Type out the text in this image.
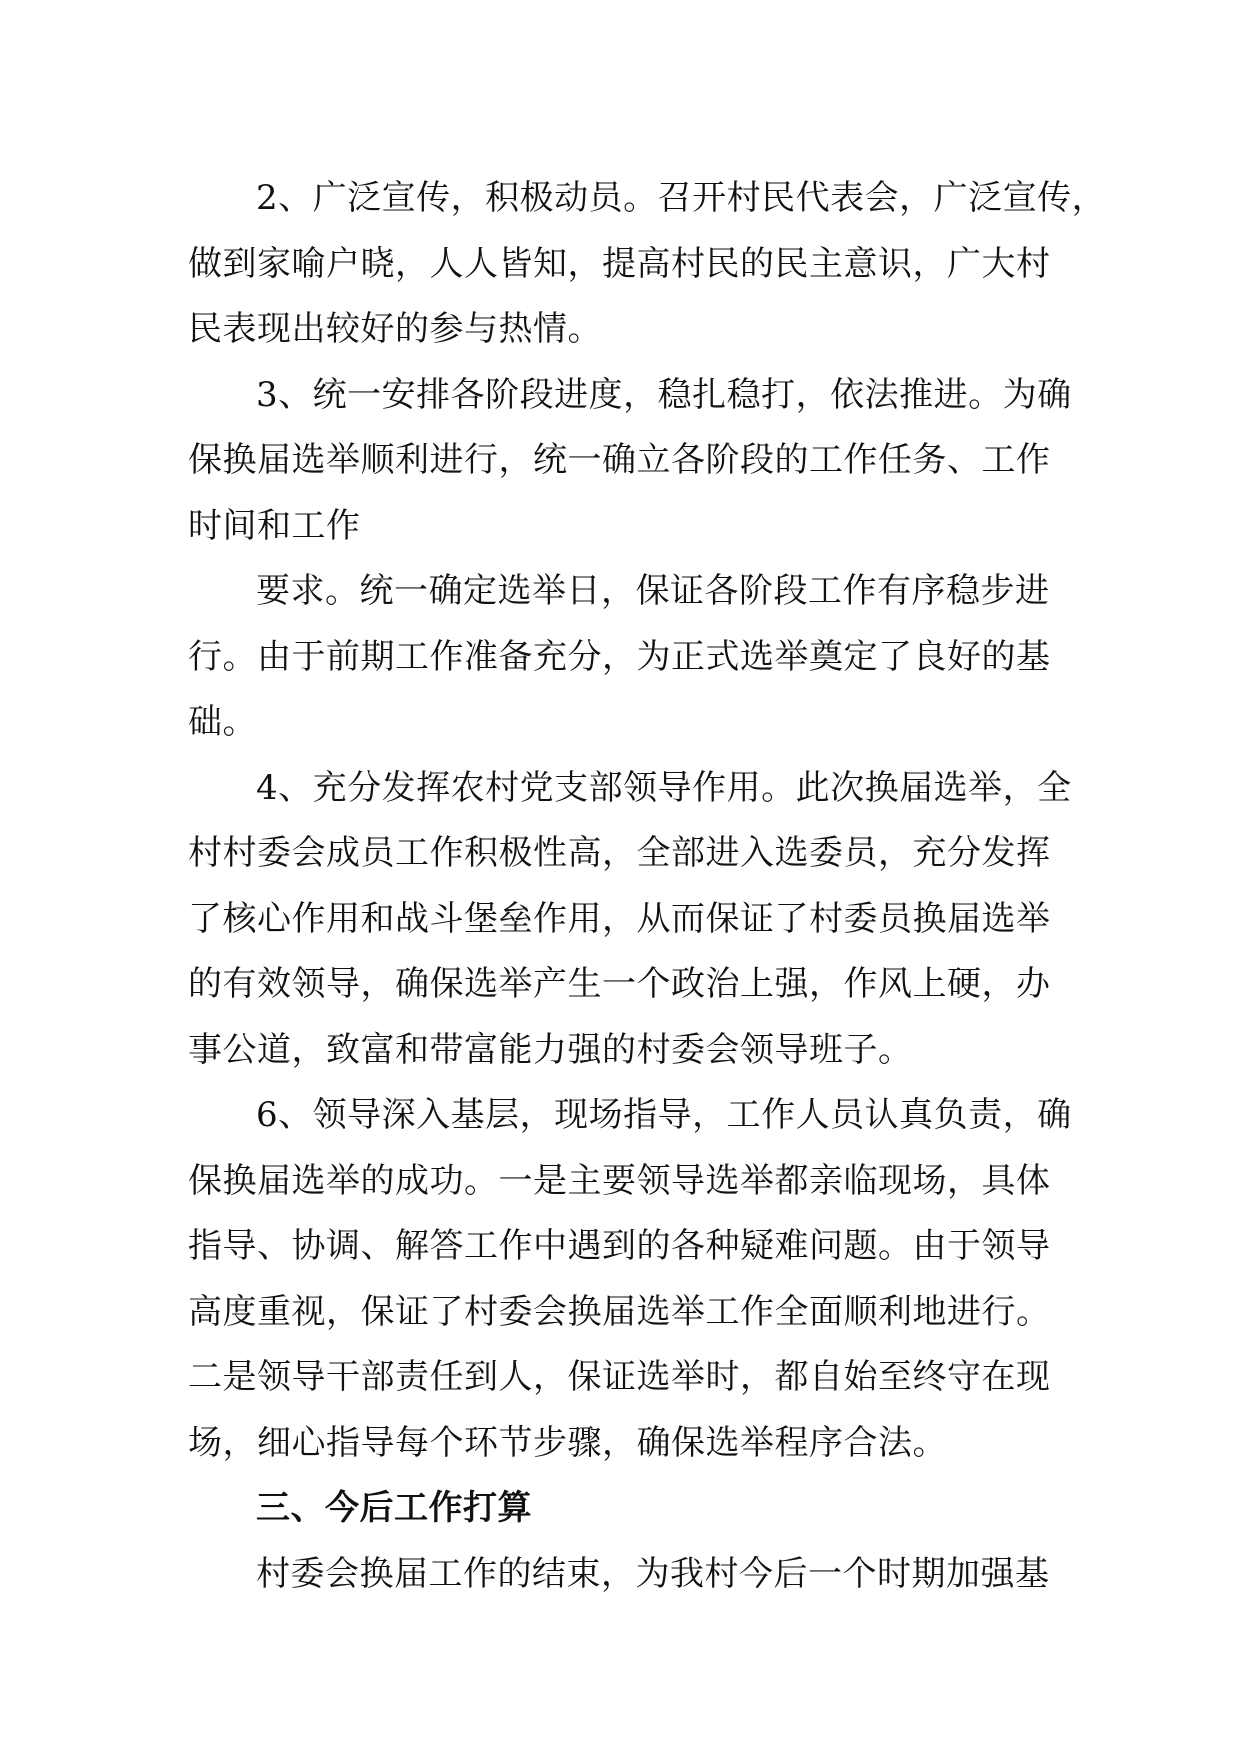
2、广泛宣传，积极动员。召开村民代表会，广泛宣传，
做到家喻户晓，人人皆知，提高村民的民主意识，广大村
民表现出较好的参与热情。
3、统一安排各阶段进度，稳扎稳打，依法推进。为确
保换届选举顺利进行，统一确立各阶段的工作任务、工作
时间和工作
要求。统一确定选举日，保证各阶段工作有序稳步进
行。由于前期工作准备充分，为正式选举奠定了良好的基
础。
4、充分发挥农村党支部领导作用。此次换届选举，全
村村委会成员工作积极性高，全部进入选委员，充分发挥
了核心作用和战斗堡垒作用，从而保证了村委员换届选举
的有效领导，确保选举产生一个政治上强，作风上硬，办
事公道，致富和带富能力强的村委会领导班子。
6、领导深入基层，现场指导，工作人员认真负责，确
保换届选举的成功。一是主要领导选举都亲临现场，具体
指导、协调、解答工作中遇到的各种疑难问题。由于领导
高度重视，保证了村委会换届选举工作全面顺利地进行。
二是领导干部责任到人，保证选举时，都自始至终守在现
场，细心指导每个环节步骤，确保选举程序合法。
三、今后工作打算
村委会换届工作的结束，为我村今后一个时期加强基
